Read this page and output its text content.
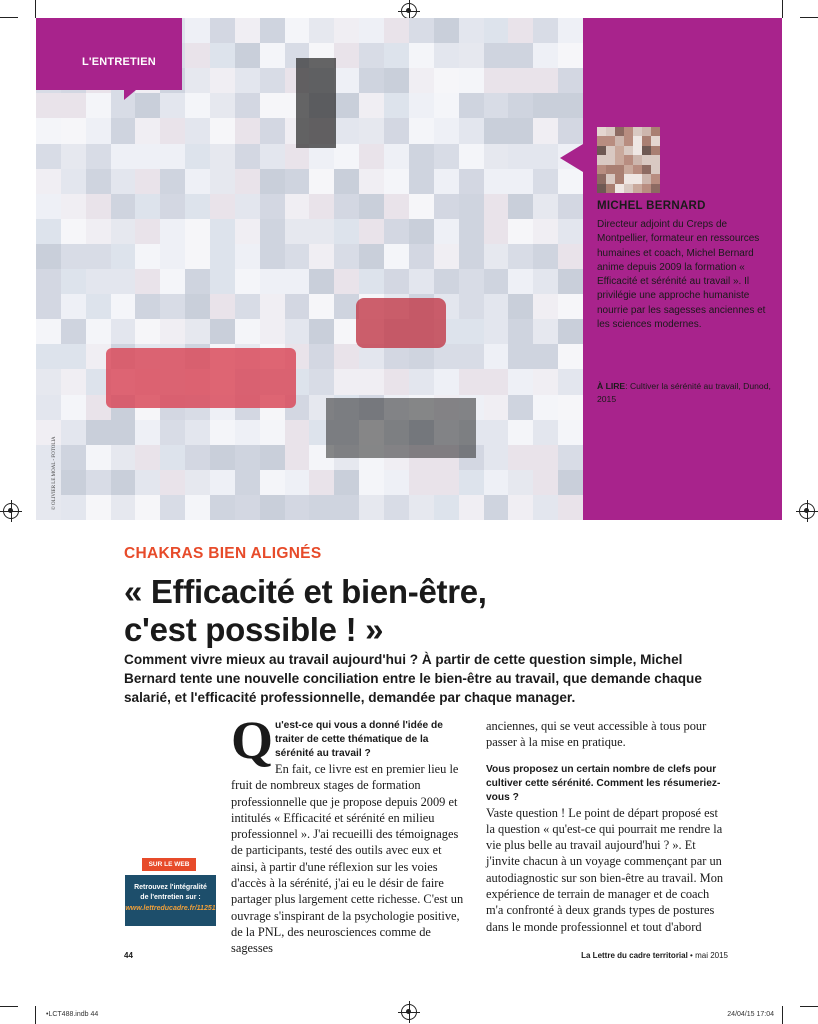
L'ENTRETIEN
© OLIVIER LE MOAL - FOTOLIA
MICHEL BERNARD
Directeur adjoint du Creps de Montpellier, formateur en ressources humaines et coach, Michel Bernard anime depuis 2009 la formation « Efficacité et sérénité au travail ». Il privilégie une approche humaniste nourrie par les sagesses anciennes et les sciences modernes.
À LIRE: Cultiver la sérénité au travail, Dunod, 2015
CHAKRAS BIEN ALIGNÉS
« Efficacité et bien-être,
c'est possible ! »
Comment vivre mieux au travail aujourd'hui ? À partir de cette question simple, Michel Bernard tente une nouvelle conciliation entre le bien-être au travail, que demande chaque salarié, et l'efficacité professionnelle, demandée par chaque manager.
Q u'est-ce qui vous a donné l'idée de traiter de cette thématique de la sérénité au travail ?
En fait, ce livre est en premier lieu le fruit de nombreux stages de formation professionnelle que je propose depuis 2009 et intitulés « Efficacité et sérénité en milieu professionnel ». J'ai recueilli des témoignages de participants, testé des outils avec eux et ainsi, à partir d'une réflexion sur les voies d'accès à la sérénité, j'ai eu le désir de faire partager plus largement cette richesse. C'est un ouvrage s'inspirant de la psychologie positive, de la PNL, des neurosciences comme de sagesses
anciennes, qui se veut accessible à tous pour passer à la mise en pratique.
Vous proposez un certain nombre de clefs pour cultiver cette sérénité. Comment les résumeriez-vous ?
Vaste question ! Le point de départ proposé est la question « qu'est-ce qui pourrait me rendre la vie plus belle au travail aujourd'hui ? ». Et j'invite chacun à un voyage commençant par un autodiagnostic sur son bien-être au travail. Mon expérience de terrain de manager et de coach m'a confronté à deux grands types de postures dans le monde professionnel et tout d'abord
SUR LE WEB
Retrouvez l'intégralité
de l'entretien sur :
www.lettreducadre.fr/11251
44	La Lettre du cadre territorial • mai 2015
•LCT488.indb 44	24/04/15 17:04
